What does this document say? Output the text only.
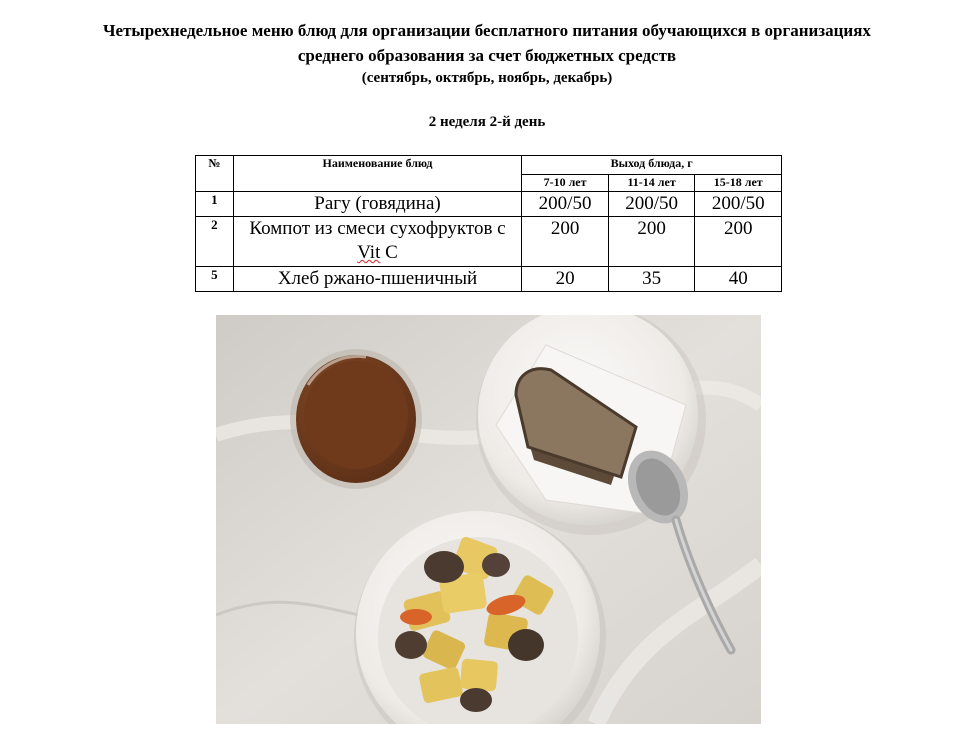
Четырехнедельное меню блюд для организации бесплатного питания обучающихся в организациях
среднего образования за счет бюджетных средств
(сентябрь, октябрь, ноябрь, декабрь)
2 неделя 2-й день
№	Наименование блюд	Выход блюда, г		
		7-10 лет	11-14 лет	15-18 лет
1	Рагу (говядина)	200/50	200/50	200/50
2	Компот из смеси сухофруктов с Vit С	200	200	200
5	Хлеб ржано-пшеничный	20	35	40
